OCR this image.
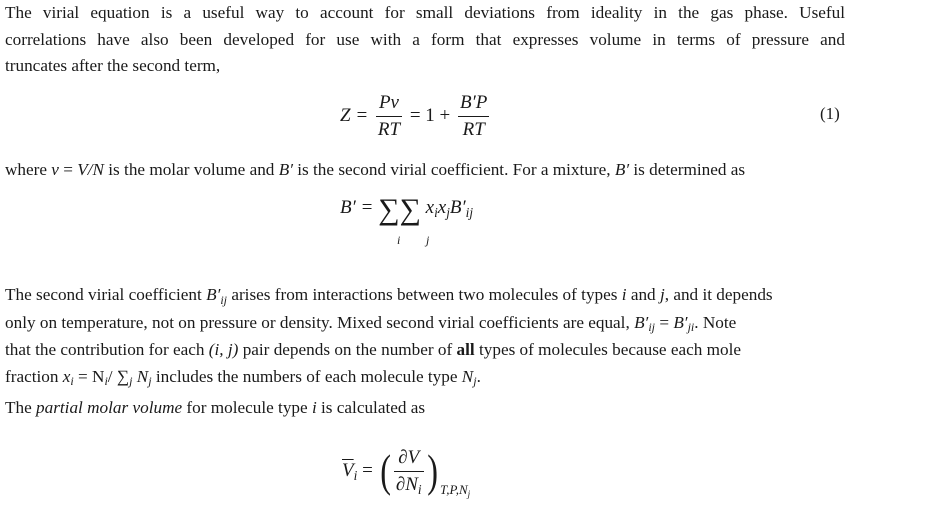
The virial equation is a useful way to account for small deviations from ideality in the gas phase. Useful
correlations have also been developed for use with a form that expresses volume in terms of pressure and
truncates after the second term,
$Z = \frac{Pv}{RT} = 1 + \frac{B'P}{RT}$	(1)
where v = V/N is the molar volume and B′ is the second virial coefficient. For a mixture, B′ is determined as
B′ = ∑∑ $x_ix_jB'_{ij}$
i j
The second virial coefficient $B'_{ij}$ arises from interactions between two molecules of types i and j, and it depends
only on temperature, not on pressure or density. Mixed second virial coefficients are equal, $B'_{ij} = B'_{ji}$. Note
that the contribution for each (i, j) pair depends on the number of all types of molecules because each mole
fraction $x_i = N_i/$ $\sum_j$ $N_j$ includes the numbers of each molecule type $N_j$.
The partial molar volume for molecule type i is calculated as
$\overline{V}_i$ = ( $\frac{\partial V}{\partial N_i}$ ) $_{T,P,N_j}$
